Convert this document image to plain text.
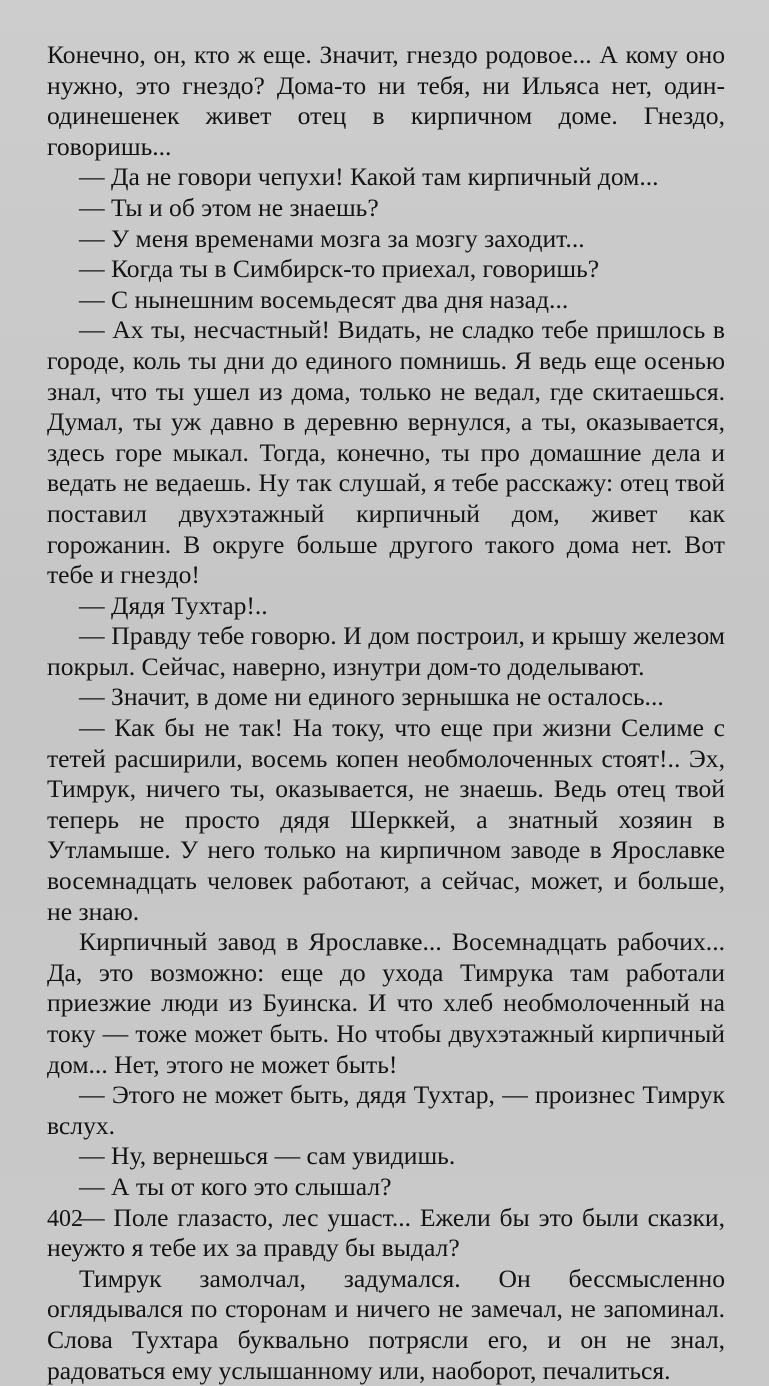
Конечно, он, кто ж еще. Значит, гнездо родовое... А кому оно нужно, это гнездо? Дома-то ни тебя, ни Ильяса нет, один-одинешенек живет отец в кирпичном доме. Гнездо, говоришь...

— Да не говори чепухи! Какой там кирпичный дом...

— Ты и об этом не знаешь?

— У меня временами мозга за мозгу заходит...

— Когда ты в Симбирск-то приехал, говоришь?

— С нынешним восемьдесят два дня назад...

— Ах ты, несчастный! Видать, не сладко тебе пришлось в городе, коль ты дни до единого помнишь. Я ведь еще осенью знал, что ты ушел из дома, только не ведал, где скитаешься. Думал, ты уж давно в деревню вернулся, а ты, оказывается, здесь горе мыкал. Тогда, конечно, ты про домашние дела и ведать не ведаешь. Ну так слушай, я тебе расскажу: отец твой поставил двухэтажный кирпичный дом, живет как горожанин. В округе больше другого такого дома нет. Вот тебе и гнездо!

— Дядя Тухтар!..

— Правду тебе говорю. И дом построил, и крышу железом покрыл. Сейчас, наверно, изнутри дом-то доделывают.

— Значит, в доме ни единого зернышка не осталось...

— Как бы не так! На току, что еще при жизни Селиме с тетей расширили, восемь копен необмолоченных стоят!.. Эх, Тимрук, ничего ты, оказывается, не знаешь. Ведь отец твой теперь не просто дядя Шерккей, а знатный хозяин в Утламыше. У него только на кирпичном заводе в Ярославке восемнадцать человек работают, а сейчас, может, и больше, не знаю.

Кирпичный завод в Ярославке... Восемнадцать рабочих... Да, это возможно: еще до ухода Тимрука там работали приезжие люди из Буинска. И что хлеб необмолоченный на току — тоже может быть. Но чтобы двухэтажный кирпичный дом... Нет, этого не может быть!

— Этого не может быть, дядя Тухтар, — произнес Тимрук вслух.

— Ну, вернешься — сам увидишь.

— А ты от кого это слышал?

— Поле глазасто, лес ушаст... Ежели бы это были сказки, неужто я тебе их за правду бы выдал?

Тимрук замолчал, задумался. Он бессмысленно оглядывался по сторонам и ничего не замечал, не запоминал. Слова Тухтара буквально потрясли его, и он не знал, радоваться ему услышанному или, наоборот, печалиться.

402
